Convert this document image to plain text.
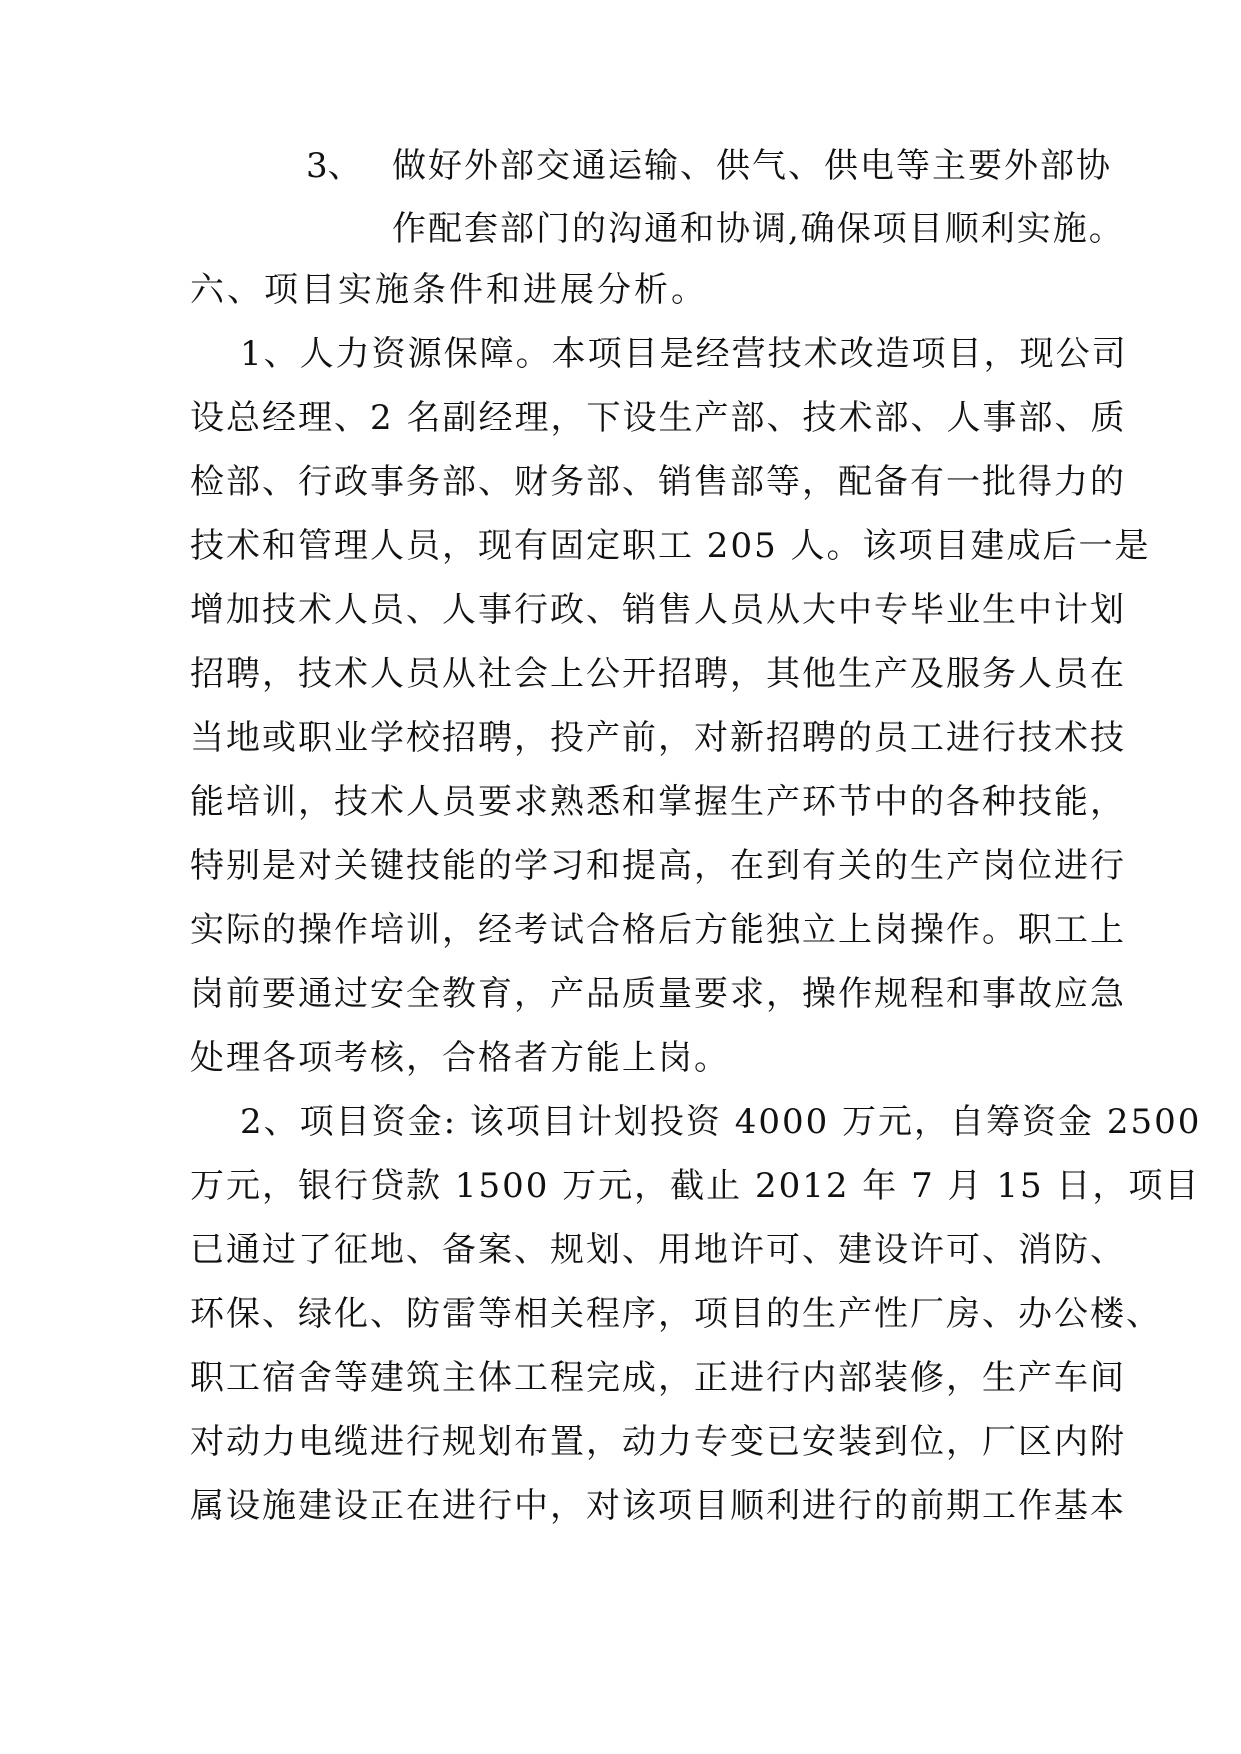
3、 做好外部交通运输、供气、供电等主要外部协
作配套部门的沟通和协调,确保项目顺利实施。
六、项目实施条件和进展分析。
1、人力资源保障。本项目是经营技术改造项目，现公司
设总经理、2 名副经理，下设生产部、技术部、人事部、质
检部、行政事务部、财务部、销售部等，配备有一批得力的
技术和管理人员，现有固定职工 205 人。该项目建成后一是
增加技术人员、人事行政、销售人员从大中专毕业生中计划
招聘，技术人员从社会上公开招聘，其他生产及服务人员在
当地或职业学校招聘，投产前，对新招聘的员工进行技术技
能培训，技术人员要求熟悉和掌握生产环节中的各种技能，
特别是对关键技能的学习和提高，在到有关的生产岗位进行
实际的操作培训，经考试合格后方能独立上岗操作。职工上
岗前要通过安全教育，产品质量要求，操作规程和事故应急
处理各项考核，合格者方能上岗。
2、项目资金: 该项目计划投资 4000 万元，自筹资金 2500
万元，银行贷款 1500 万元，截止 2012 年 7 月 15 日，项目
已通过了征地、备案、规划、用地许可、建设许可、消防、
环保、绿化、防雷等相关程序，项目的生产性厂房、办公楼、
职工宿舍等建筑主体工程完成，正进行内部装修，生产车间
对动力电缆进行规划布置，动力专变已安装到位，厂区内附
属设施建设正在进行中，对该项目顺利进行的前期工作基本
